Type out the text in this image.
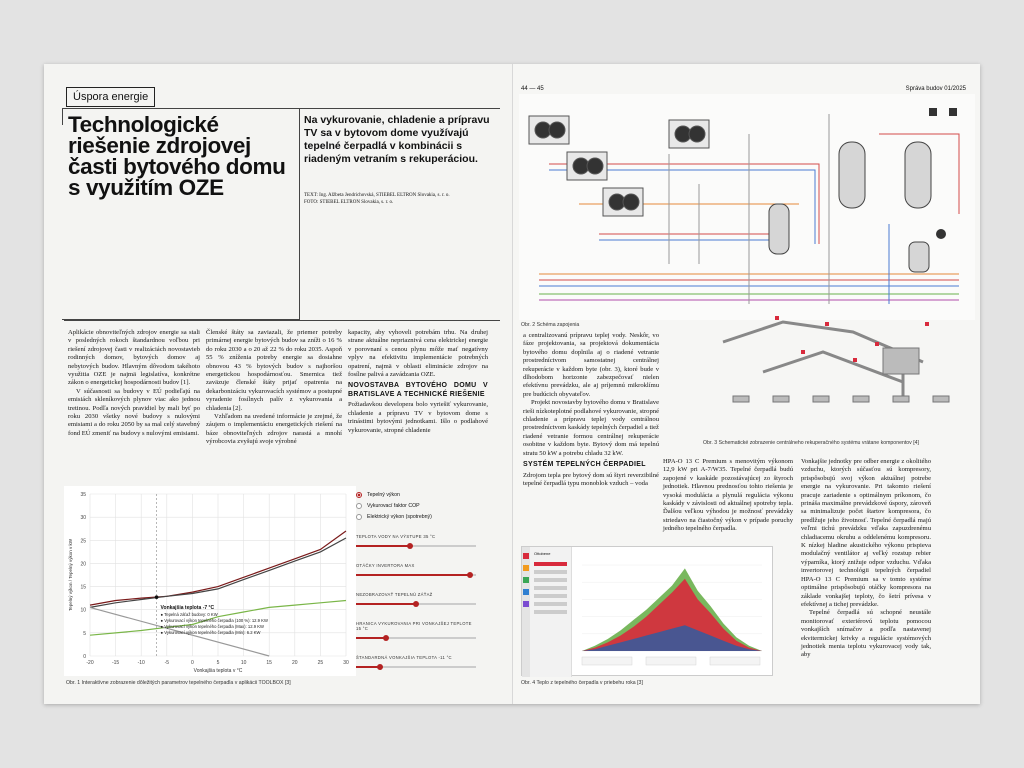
Úspora energie
Technologické riešenie zdrojovej časti bytového domu s využitím OZE

Na vykurovanie, chladenie a prípravu TV sa v bytovom dome využívajú tepelné čerpadlá v kombinácii s riadeným vetraním s rekuperáciou.

TEXT: Ing. Alžbeta Jendrichovská, STIEBEL ELTRON Slovakia, s. r. o.
FOTO: STIEBEL ELTRON Slovakia, s. r. o.

Aplikácie obnoviteľných zdrojov energie sa stali v posledných rokoch štandardnou voľbou pri riešení zdrojovej časti v realizáciách novostavieb rodinných domov, bytových domov aj nebytových budov. Hlavným dôvodom takéhoto využitia OZE je najmä legislatíva, konkrétne zákon o energetickej hospodárnosti budov [1].

V súčasnosti sa budovy v EÚ podieľajú na emisiách skleníkových plynov viac ako jednou tretinou. Podľa nových pravidiel by mali byť po roku 2030 všetky nové budovy s nulovými emisiami a do roku 2050 by sa mal celý stavebný fond EÚ zmeniť na budovy s nulovými emisiami.

Členské štáty sa zaviazali, že priemer potreby primárnej energie bytových budov sa zníži o 16 % do roku 2030 a o 20 až 22 % do roku 2035. Aspoň 55 % zníženia potreby energie sa dosiahne obnovou 43 % bytových budov s najhoršou energetickou hospodárnosťou. Smernica tiež zaväzuje členské štáty prijať opatrenia na dekarbonizáciu vykurovacích systémov a postupné vyradenie fosílnych palív z vykurovania a chladenia [2].

Vzhľadom na uvedené informácie je zrejmé, že záujem o implementáciu energetických riešení na báze obnoviteľných zdrojov narastá a mnohí výrobcovia zvyšujú svoje výrobné

kapacity, aby vyhoveli potrebám trhu. Na druhej strane aktuálne nepriaznivá cena elektrickej energie v porovnaní s cenou plynu môže mať negatívny vplyv na efektivitu implementácie potrebných opatrení, najmä v oblasti eliminácie zdrojov na fosílne palivá a zavádzania OZE.

NOVOSTAVBA BYTOVÉHO DOMU V BRATISLAVE A TECHNICKÉ RIEŠENIE

Požiadavkou developera bolo vyriešiť vykurovanie, chladenie a prípravu TV v bytovom dome s trinástimi bytovými jednotkami. Išlo o podlahové vykurovanie, stropné chladenie

0
5
10
15
20
25
30
35
-20	-15	-10	-5	0	5	10	15	20	25	30
Vonkajšia teplota v °C
Tepelný výkon / Tepelný výkon v kW	Vonkajšia teplota -7 °C
● Tepelná záťaž budovy: 0 KW
● Vykurovací výkon tepelného čerpadla (100 %): 12.9 KW
● Vykurovací výkon tepelného čerpadla (Max): 12.9 KW
● Vykurovací výkon tepelného čerpadla (Min): 6.2 KW
Tepelný výkon
Vykurovací faktor COP
Elektrický výkon (spotrebný)
TEPLOTA VODY NA VÝSTUPE 35 °C
OTÁČKY INVERTORA MAX
NEZOBRAZOVAŤ TEPELNÚ ZÁŤAŽ
HRANICA VYKUROVANIA PRI VONKAJŠEJ TEPLOTE 15 °C
ŠTANDARDNÁ VONKAJŠIA TEPLOTA -11 °C
Obr. 1 Interaktívne zobrazenie dôležitých parametrov tepelného čerpadla v aplikácii TOOLBOX [3]
44 — 45	Správa budov 01/2025
Obr. 2 Schéma zapojenia
Obr. 3 Schematické zobrazenie centrálneho rekuperačného systému vrátane komponentov [4]

a centralizovanú prípravu teplej vody. Neskôr, vo fáze projektovania, sa projektová dokumentácia bytového domu doplnila aj o riadené vetranie prostredníctvom samostatnej centrálnej rekuperácie v každom byte (obr. 3), ktoré bude v dlhodobom horizonte zabezpečovať nielen efektívnu prevádzku, ale aj príjemnú mikroklímu pre budúcich obyvateľov.

Projekt novostavby bytového domu v Bratislave rieši nízkoteplotné podlahové vykurovanie, stropné chladenie a prípravu teplej vody centrálnou prostredníctvom kaskády tepelných čerpadiel a tiež riadené vetranie formou centrálnej rekuperácie osobitne v každom byte. Bytový dom má tepelnú stratu 50 kW a potrebu chladu 32 kW.

SYSTÉM TEPELNÝCH ČERPADIEL

Zdrojom tepla pre bytový dom sú štyri reverzibilné tepelné čerpadlá typu monoblok vzduch – voda

HPA-O 13 C Premium s menovitým výkonom 12,9 kW pri A-7/W35. Tepelné čerpadlá budú zapojené v kaskáde pozostávajúcej zo štyroch jednotiek. Hlavnou prednosťou tohto riešenia je vysoká modulácia a plynulá regulácia výkonu kaskády v závislosti od aktuálnej spotreby tepla. Ďalšou veľkou výhodou je možnosť prevádzky striedavo na čiastočný výkon v prípade poruchy jedného tepelného čerpadla.

Vonkajšie jednotky pre odber energie z okolitého vzduchu, ktorých súčasťou sú kompresory, prispôsobujú svoj výkon aktuálnej potrebe energie na vykurovanie. Pri takomto riešení pracuje zariadenie s optimálnym príkonom, čo prináša maximálne prevádzkové úspory, zároveň sa minimalizuje počet štartov kompresora, čo predlžuje jeho životnosť. Tepelné čerpadlá majú veľmi tichú prevádzku vďaka zapuzdrenému chladiacemu okruhu a oddelenému kompresoru. K nízkej hladine akustického výkonu prispieva modulačný ventilátor aj veľký rozstup rebier výparníka, ktorý znižuje odpor vzduchu. Vďaka invertorovej technológii tepelných čerpadiel HPA-O 13 C Premium sa v tomto systéme optimálne prispôsobujú otáčky kompresora na základe vonkajšej teploty, čo šetrí prívesa v efektívnej a tichej prevádzke.

Tepelné čerpadlá sú schopné neustále monitorovať exteriérovú teplotu pomocou vonkajších snímačov a podľa nastavenej ekvitermickej krivky a regulácie systémových jednotiek menia teplotu vykurovacej vody tak, aby

Ottobene
Obr. 4 Teplo z tepelného čerpadla v priebehu roka [3]
